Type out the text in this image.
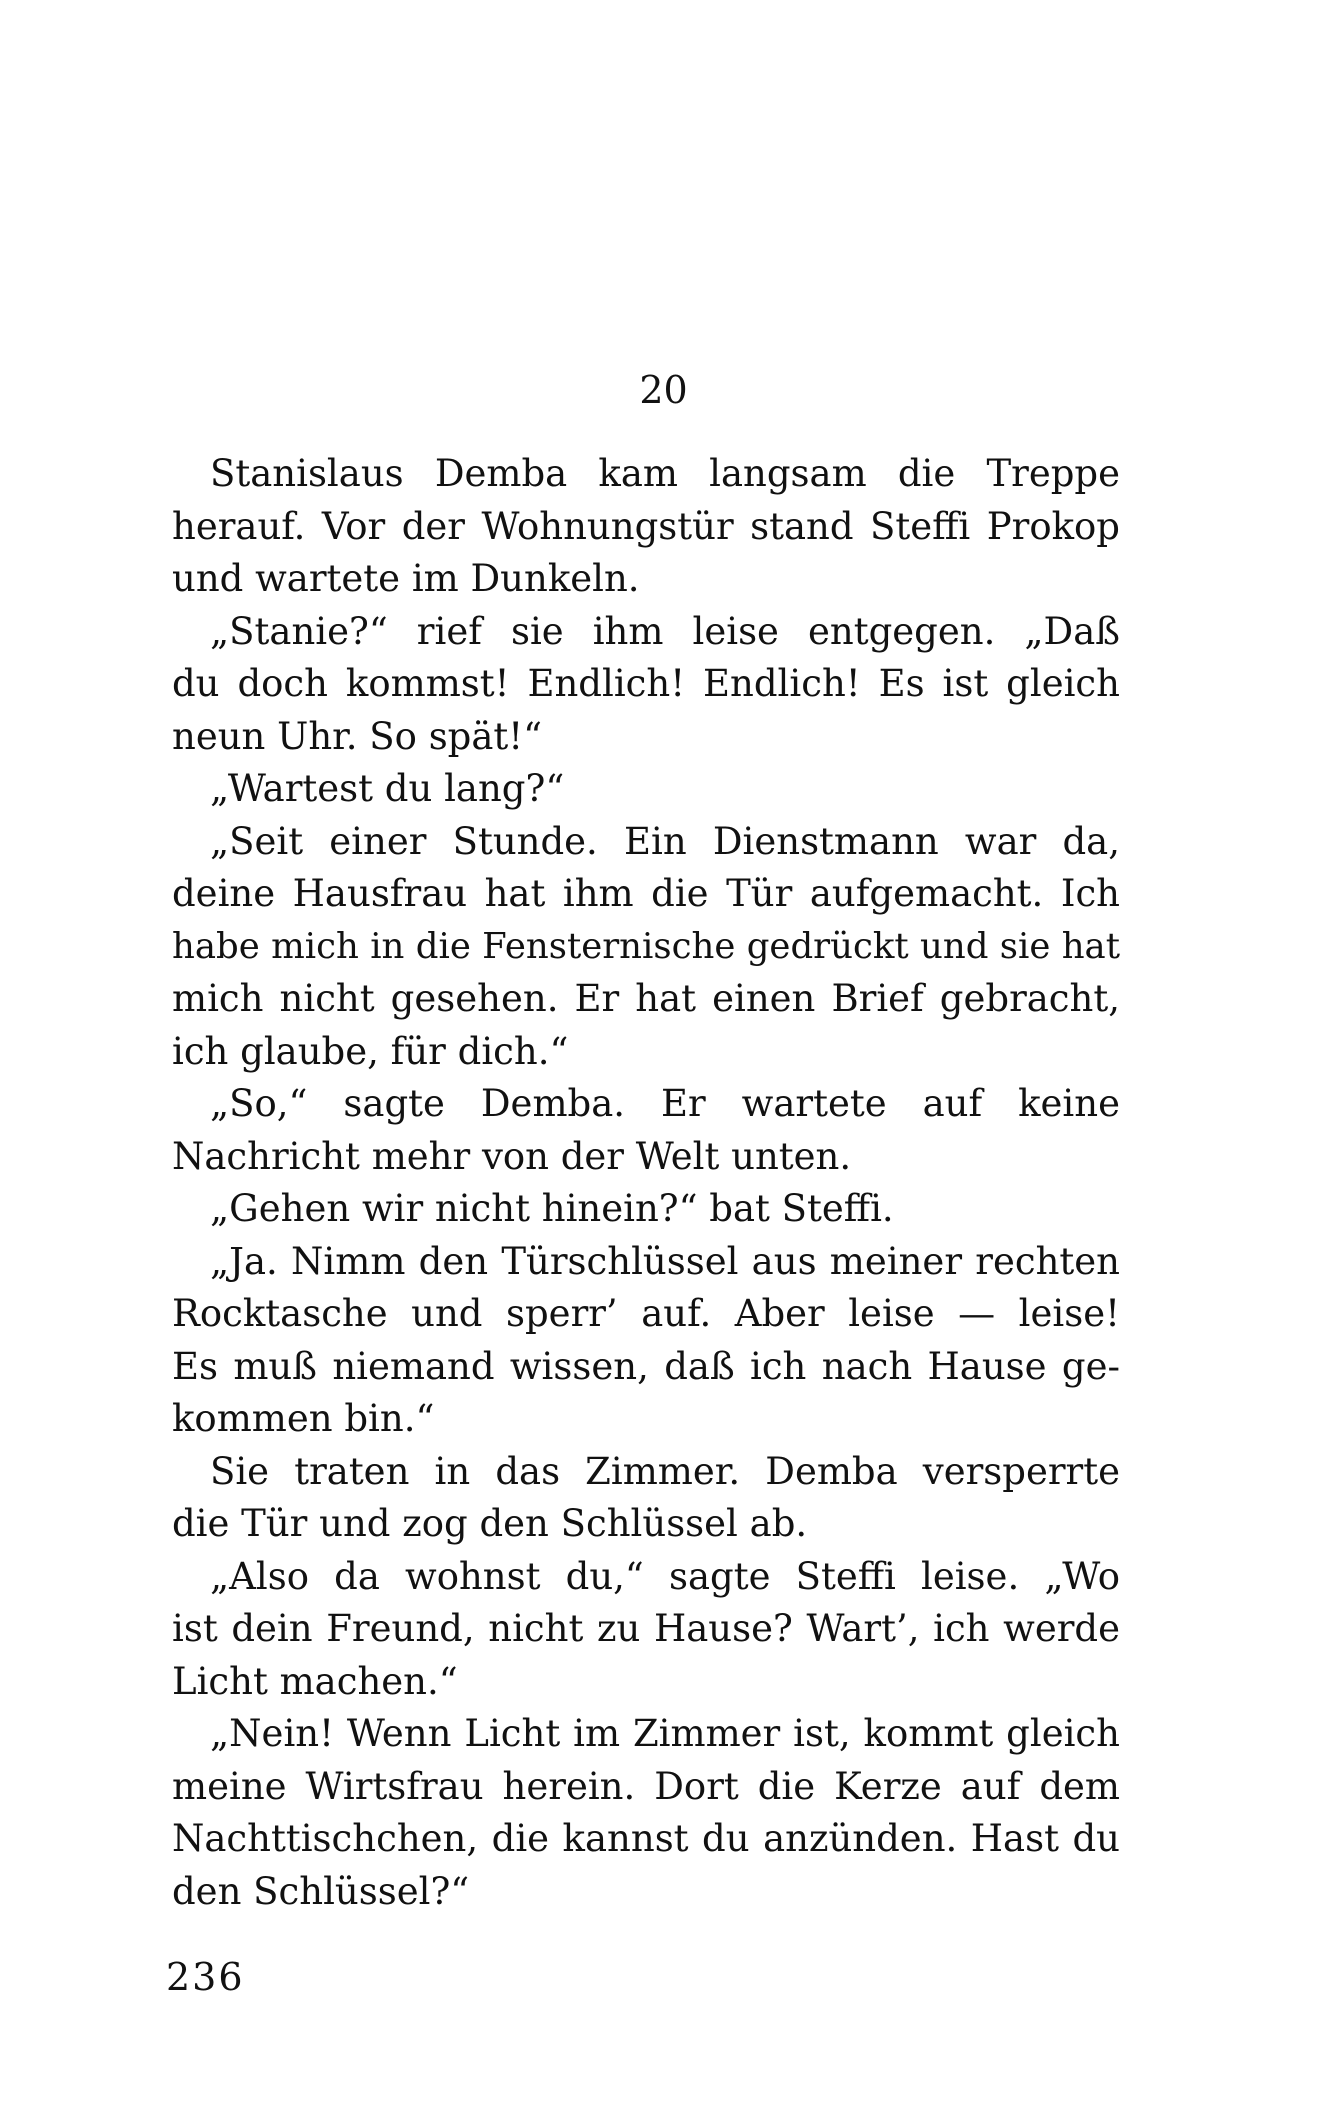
20
Stanislaus Demba kam langsam die Treppe
herauf. Vor der Wohnungstür stand Steffi Prokop
und wartete im Dunkeln.
„Stanie?“ rief sie ihm leise entgegen. „Daß
du doch kommst! Endlich! Endlich! Es ist gleich
neun Uhr. So spät!“
„Wartest du lang?“
„Seit einer Stunde. Ein Dienstmann war da,
deine Hausfrau hat ihm die Tür aufgemacht. Ich
habe mich in die Fensternische gedrückt und sie hat
mich nicht gesehen. Er hat einen Brief gebracht,
ich glaube, für dich.“
„So,“ sagte Demba. Er wartete auf keine
Nachricht mehr von der Welt unten.
„Gehen wir nicht hinein?“ bat Steffi.
„Ja. Nimm den Türschlüssel aus meiner rechten
Rocktasche und sperr’ auf. Aber leise — leise!
Es muß niemand wissen, daß ich nach Hause ge-
kommen bin.“
Sie traten in das Zimmer. Demba versperrte
die Tür und zog den Schlüssel ab.
„Also da wohnst du,“ sagte Steffi leise. „Wo
ist dein Freund, nicht zu Hause? Wart’, ich werde
Licht machen.“
„Nein! Wenn Licht im Zimmer ist, kommt gleich
meine Wirtsfrau herein. Dort die Kerze auf dem
Nachttischchen, die kannst du anzünden. Hast du
den Schlüssel?“
236
